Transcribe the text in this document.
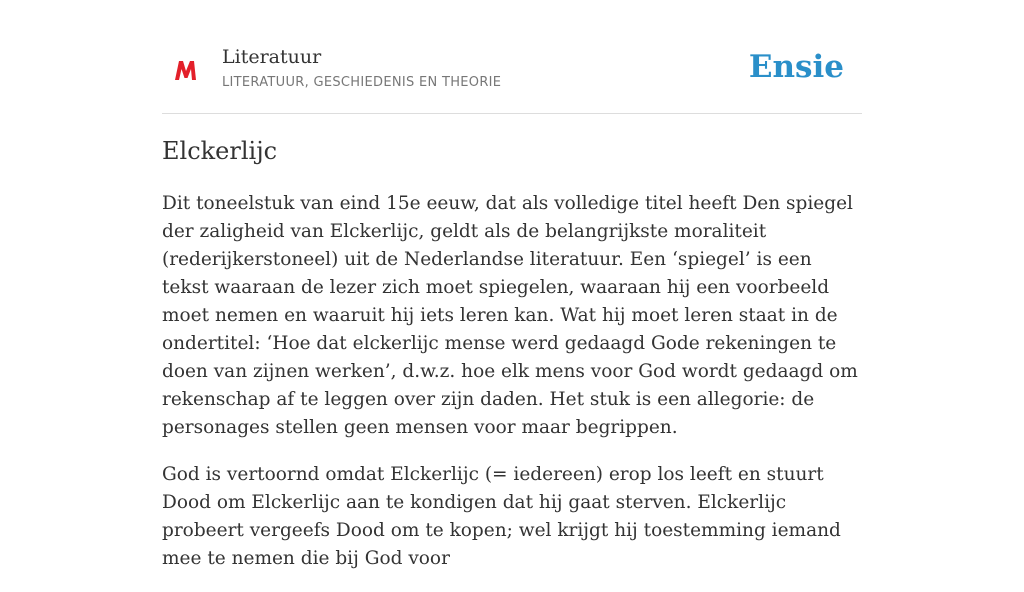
Literatuur
LITERATUUR, GESCHIEDENIS EN THEORIE	Ensie
Elckerlijc

Dit toneelstuk van eind 15e eeuw, dat als volledige titel heeft Den spiegel der zaligheid van Elckerlijc, geldt als de belangrijkste moraliteit (rederijkerstoneel) uit de Nederlandse literatuur. Een ‘spiegel’ is een tekst waaraan de lezer zich moet spiegelen, waaraan hij een voorbeeld moet nemen en waaruit hij iets leren kan. Wat hij moet leren staat in de ondertitel: ‘Hoe dat elckerlijc mense werd gedaagd Gode rekeningen te doen van zijnen werken’, d.w.z. hoe elk mens voor God wordt gedaagd om rekenschap af te leggen over zijn daden. Het stuk is een allegorie: de personages stellen geen mensen voor maar begrippen.

God is vertoornd omdat Elckerlijc (= iedereen) erop los leeft en stuurt Dood om Elckerlijc aan te kondigen dat hij gaat sterven. Elckerlijc probeert vergeefs Dood om te kopen; wel krijgt hij toestemming iemand mee te nemen die bij God voor
